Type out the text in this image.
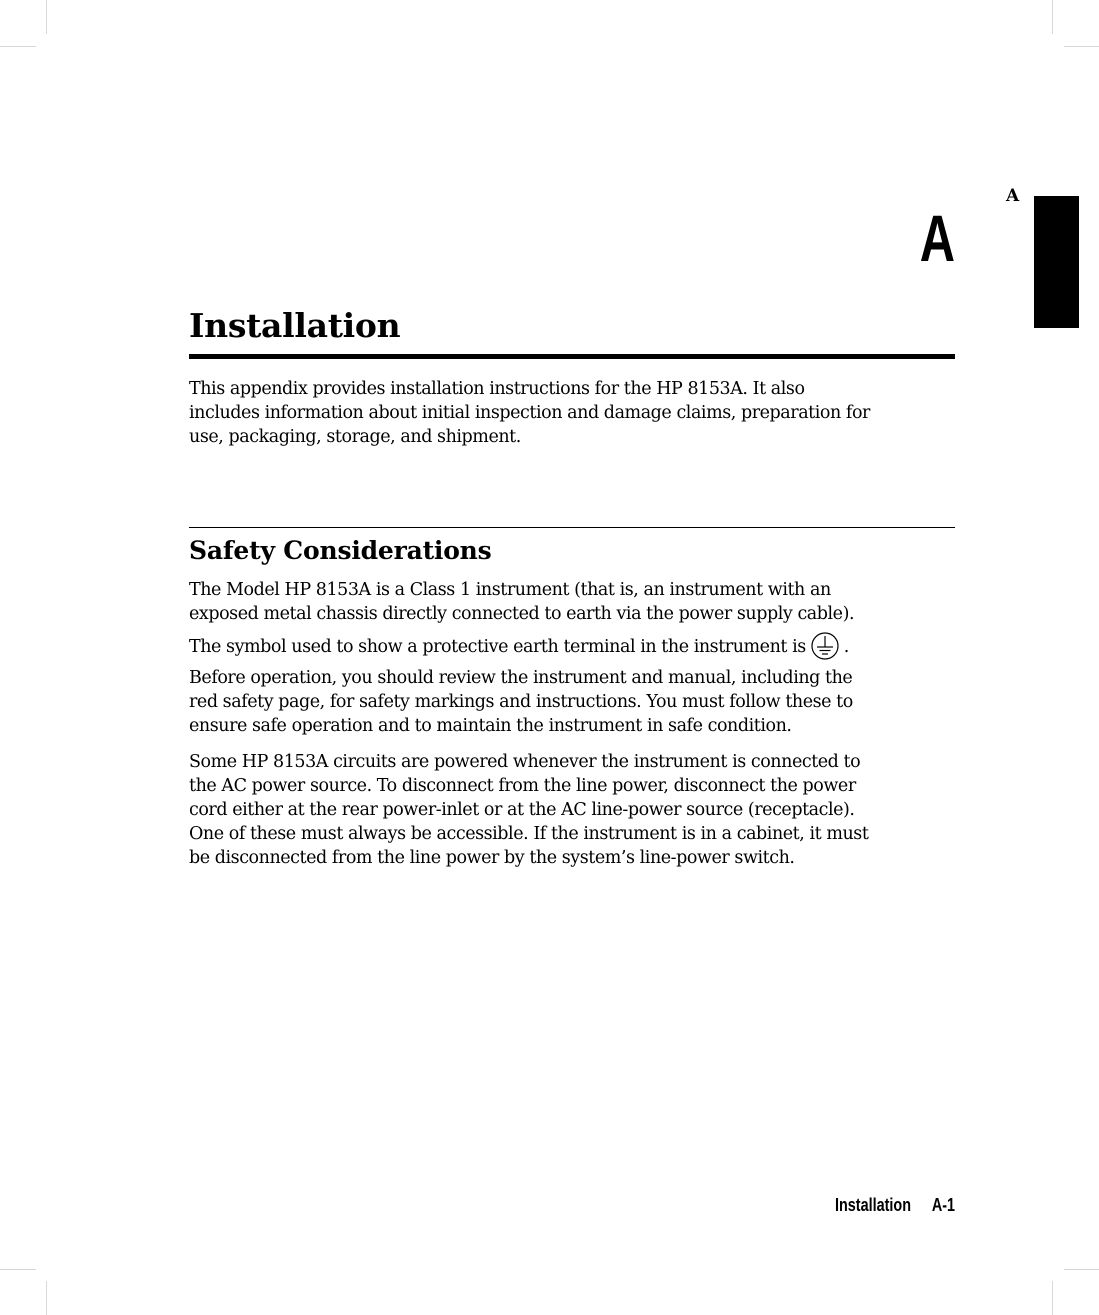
A
A
Installation

This appendix provides installation instructions for the HP 8153A. It also
includes information about initial inspection and damage claims, preparation for
use, packaging, storage, and shipment.

Safety Considerations

The Model HP 8153A is a Class 1 instrument (that is, an instrument with an
exposed metal chassis directly connected to earth via the power supply cable).
The symbol used to show a protective earth terminal in the instrument is .

Before operation, you should review the instrument and manual, including the
red safety page, for safety markings and instructions. You must follow these to
ensure safe operation and to maintain the instrument in safe condition.

Some HP 8153A circuits are powered whenever the instrument is connected to
the AC power source. To disconnect from the line power, disconnect the power
cord either at the rear power-inlet or at the AC line-power source (receptacle).
One of these must always be accessible. If the instrument is in a cabinet, it must
be disconnected from the line power by the system’s line-power switch.

Installation A-1
